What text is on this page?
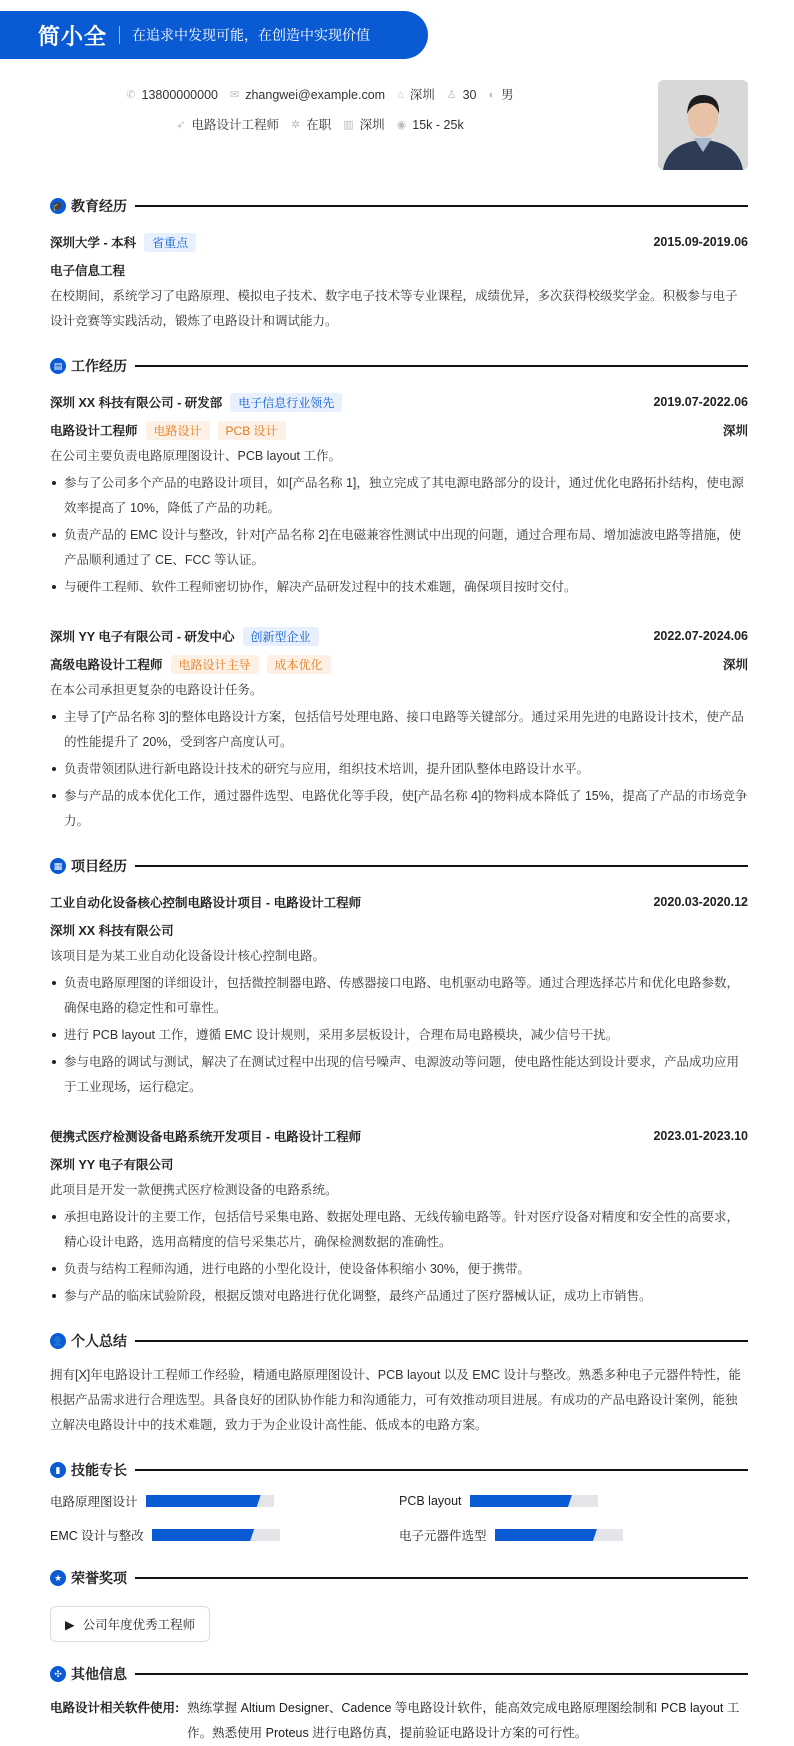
简小全 在追求中发现可能，在创造中实现价值
✆ 13800000000 ✉ zhangwei@example.com ⌂ 深圳 ♙ 30 ◐ 男
➶ 电路设计工程师 ✲ 在职 ▥ 深圳 ◉ 15k - 25k
🎓 教育经历
深圳大学 - 本科	省重点	2015.09-2019.06
电子信息工程

在校期间，系统学习了电路原理、模拟电子技术、数字电子技术等专业课程，成绩优异，多次获得校级奖学金。积极参与电子设计竞赛等实践活动，锻炼了电路设计和调试能力。

▤ 工作经历
深圳 XX 科技有限公司 - 研发部	电子信息行业领先	2019.07-2022.06
电路设计工程师	电路设计	PCB 设计	深圳

在公司主要负责电路原理图设计、PCB layout 工作。

参与了公司多个产品的电路设计项目，如[产品名称 1]，独立完成了其电源电路部分的设计，通过优化电路拓扑结构，使电源效率提高了 10%，降低了产品的功耗。
负责产品的 EMC 设计与整改，针对[产品名称 2]在电磁兼容性测试中出现的问题，通过合理布局、增加滤波电路等措施，使产品顺利通过了 CE、FCC 等认证。
与硬件工程师、软件工程师密切协作，解决产品研发过程中的技术难题，确保项目按时交付。
深圳 YY 电子有限公司 - 研发中心	创新型企业	2022.07-2024.06
高级电路设计工程师	电路设计主导	成本优化	深圳

在本公司承担更复杂的电路设计任务。

主导了[产品名称 3]的整体电路设计方案，包括信号处理电路、接口电路等关键部分。通过采用先进的电路设计技术，使产品的性能提升了 20%，受到客户高度认可。
负责带领团队进行新电路设计技术的研究与应用，组织技术培训，提升团队整体电路设计水平。
参与产品的成本优化工作，通过器件选型、电路优化等手段，使[产品名称 4]的物料成本降低了 15%，提高了产品的市场竞争力。
▦ 项目经历
工业自动化设备核心控制电路设计项目 - 电路设计工程师	2020.03-2020.12
深圳 XX 科技有限公司

该项目是为某工业自动化设备设计核心控制电路。

负责电路原理图的详细设计，包括微控制器电路、传感器接口电路、电机驱动电路等。通过合理选择芯片和优化电路参数，确保电路的稳定性和可靠性。
进行 PCB layout 工作，遵循 EMC 设计规则，采用多层板设计，合理布局电路模块，减少信号干扰。
参与电路的调试与测试，解决了在测试过程中出现的信号噪声、电源波动等问题，使电路性能达到设计要求，产品成功应用于工业现场，运行稳定。
便携式医疗检测设备电路系统开发项目 - 电路设计工程师	2023.01-2023.10
深圳 YY 电子有限公司

此项目是开发一款便携式医疗检测设备的电路系统。

承担电路设计的主要工作，包括信号采集电路、数据处理电路、无线传输电路等。针对医疗设备对精度和安全性的高要求，精心设计电路，选用高精度的信号采集芯片，确保检测数据的准确性。
负责与结构工程师沟通，进行电路的小型化设计，使设备体积缩小 30%，便于携带。
参与产品的临床试验阶段，根据反馈对电路进行优化调整，最终产品通过了医疗器械认证，成功上市销售。
👤 个人总结

拥有[X]年电路设计工程师工作经验，精通电路原理图设计、PCB layout 以及 EMC 设计与整改。熟悉多种电子元器件特性，能根据产品需求进行合理选型。具备良好的团队协作能力和沟通能力，可有效推动项目进展。有成功的产品电路设计案例，能独立解决电路设计中的技术难题，致力于为企业设计高性能、低成本的电路方案。

▮ 技能专长
电路原理图设计	PCB layout
EMC 设计与整改	电子元器件选型
★ 荣誉奖项
▶ 公司年度优秀工程师
✣ 其他信息
电路设计相关软件使用: 熟练掌握 Altium Designer、Cadence 等电路设计软件，能高效完成电路原理图绘制和 PCB layout 工作。熟悉使用 Proteus 进行电路仿真，提前验证电路设计方案的可行性。
